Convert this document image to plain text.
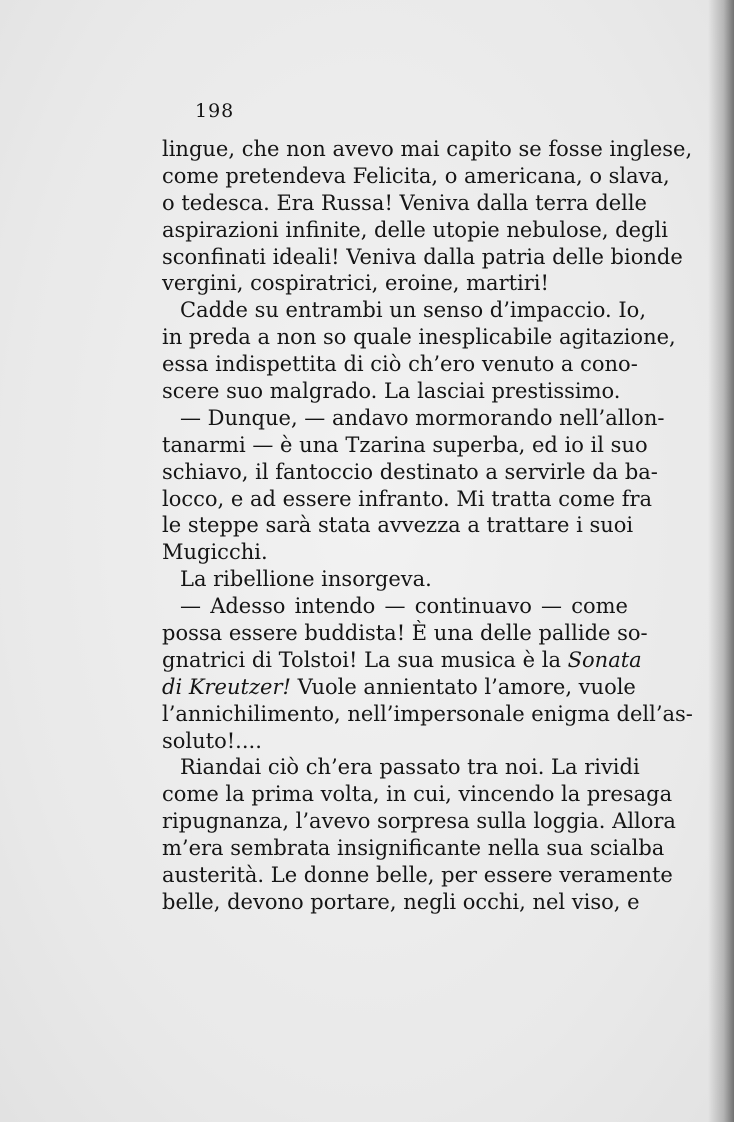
198
lingue, che non avevo mai capito se fosse inglese,
come pretendeva Felicita, o americana, o slava,
o tedesca. Era Russa! Veniva dalla terra delle
aspirazioni infinite, delle utopie nebulose, degli
sconfinati ideali! Veniva dalla patria delle bionde
vergini, cospiratrici, eroine, martiri!
Cadde su entrambi un senso d’impaccio. Io,
in preda a non so quale inesplicabile agitazione,
essa indispettita di ciò ch’ero venuto a cono-
scere suo malgrado. La lasciai prestissimo.
— Dunque, — andavo mormorando nell’allon-
tanarmi — è una Tzarina superba, ed io il suo
schiavo, il fantoccio destinato a servirle da ba-
locco, e ad essere infranto. Mi tratta come fra
le steppe sarà stata avvezza a trattare i suoi
Mugicchi.
La ribellione insorgeva.
— Adesso intendo — continuavo — come
possa essere buddista! È una delle pallide so-
gnatrici di Tolstoi! La sua musica è la Sonata
di Kreutzer! Vuole annientato l’amore, vuole
l’annichilimento, nell’impersonale enigma dell’as-
soluto!....
Riandai ciò ch’era passato tra noi. La rividi
come la prima volta, in cui, vincendo la presaga
ripugnanza, l’avevo sorpresa sulla loggia. Allora
m’era sembrata insignificante nella sua scialba
austerità. Le donne belle, per essere veramente
belle, devono portare, negli occhi, nel viso, e
